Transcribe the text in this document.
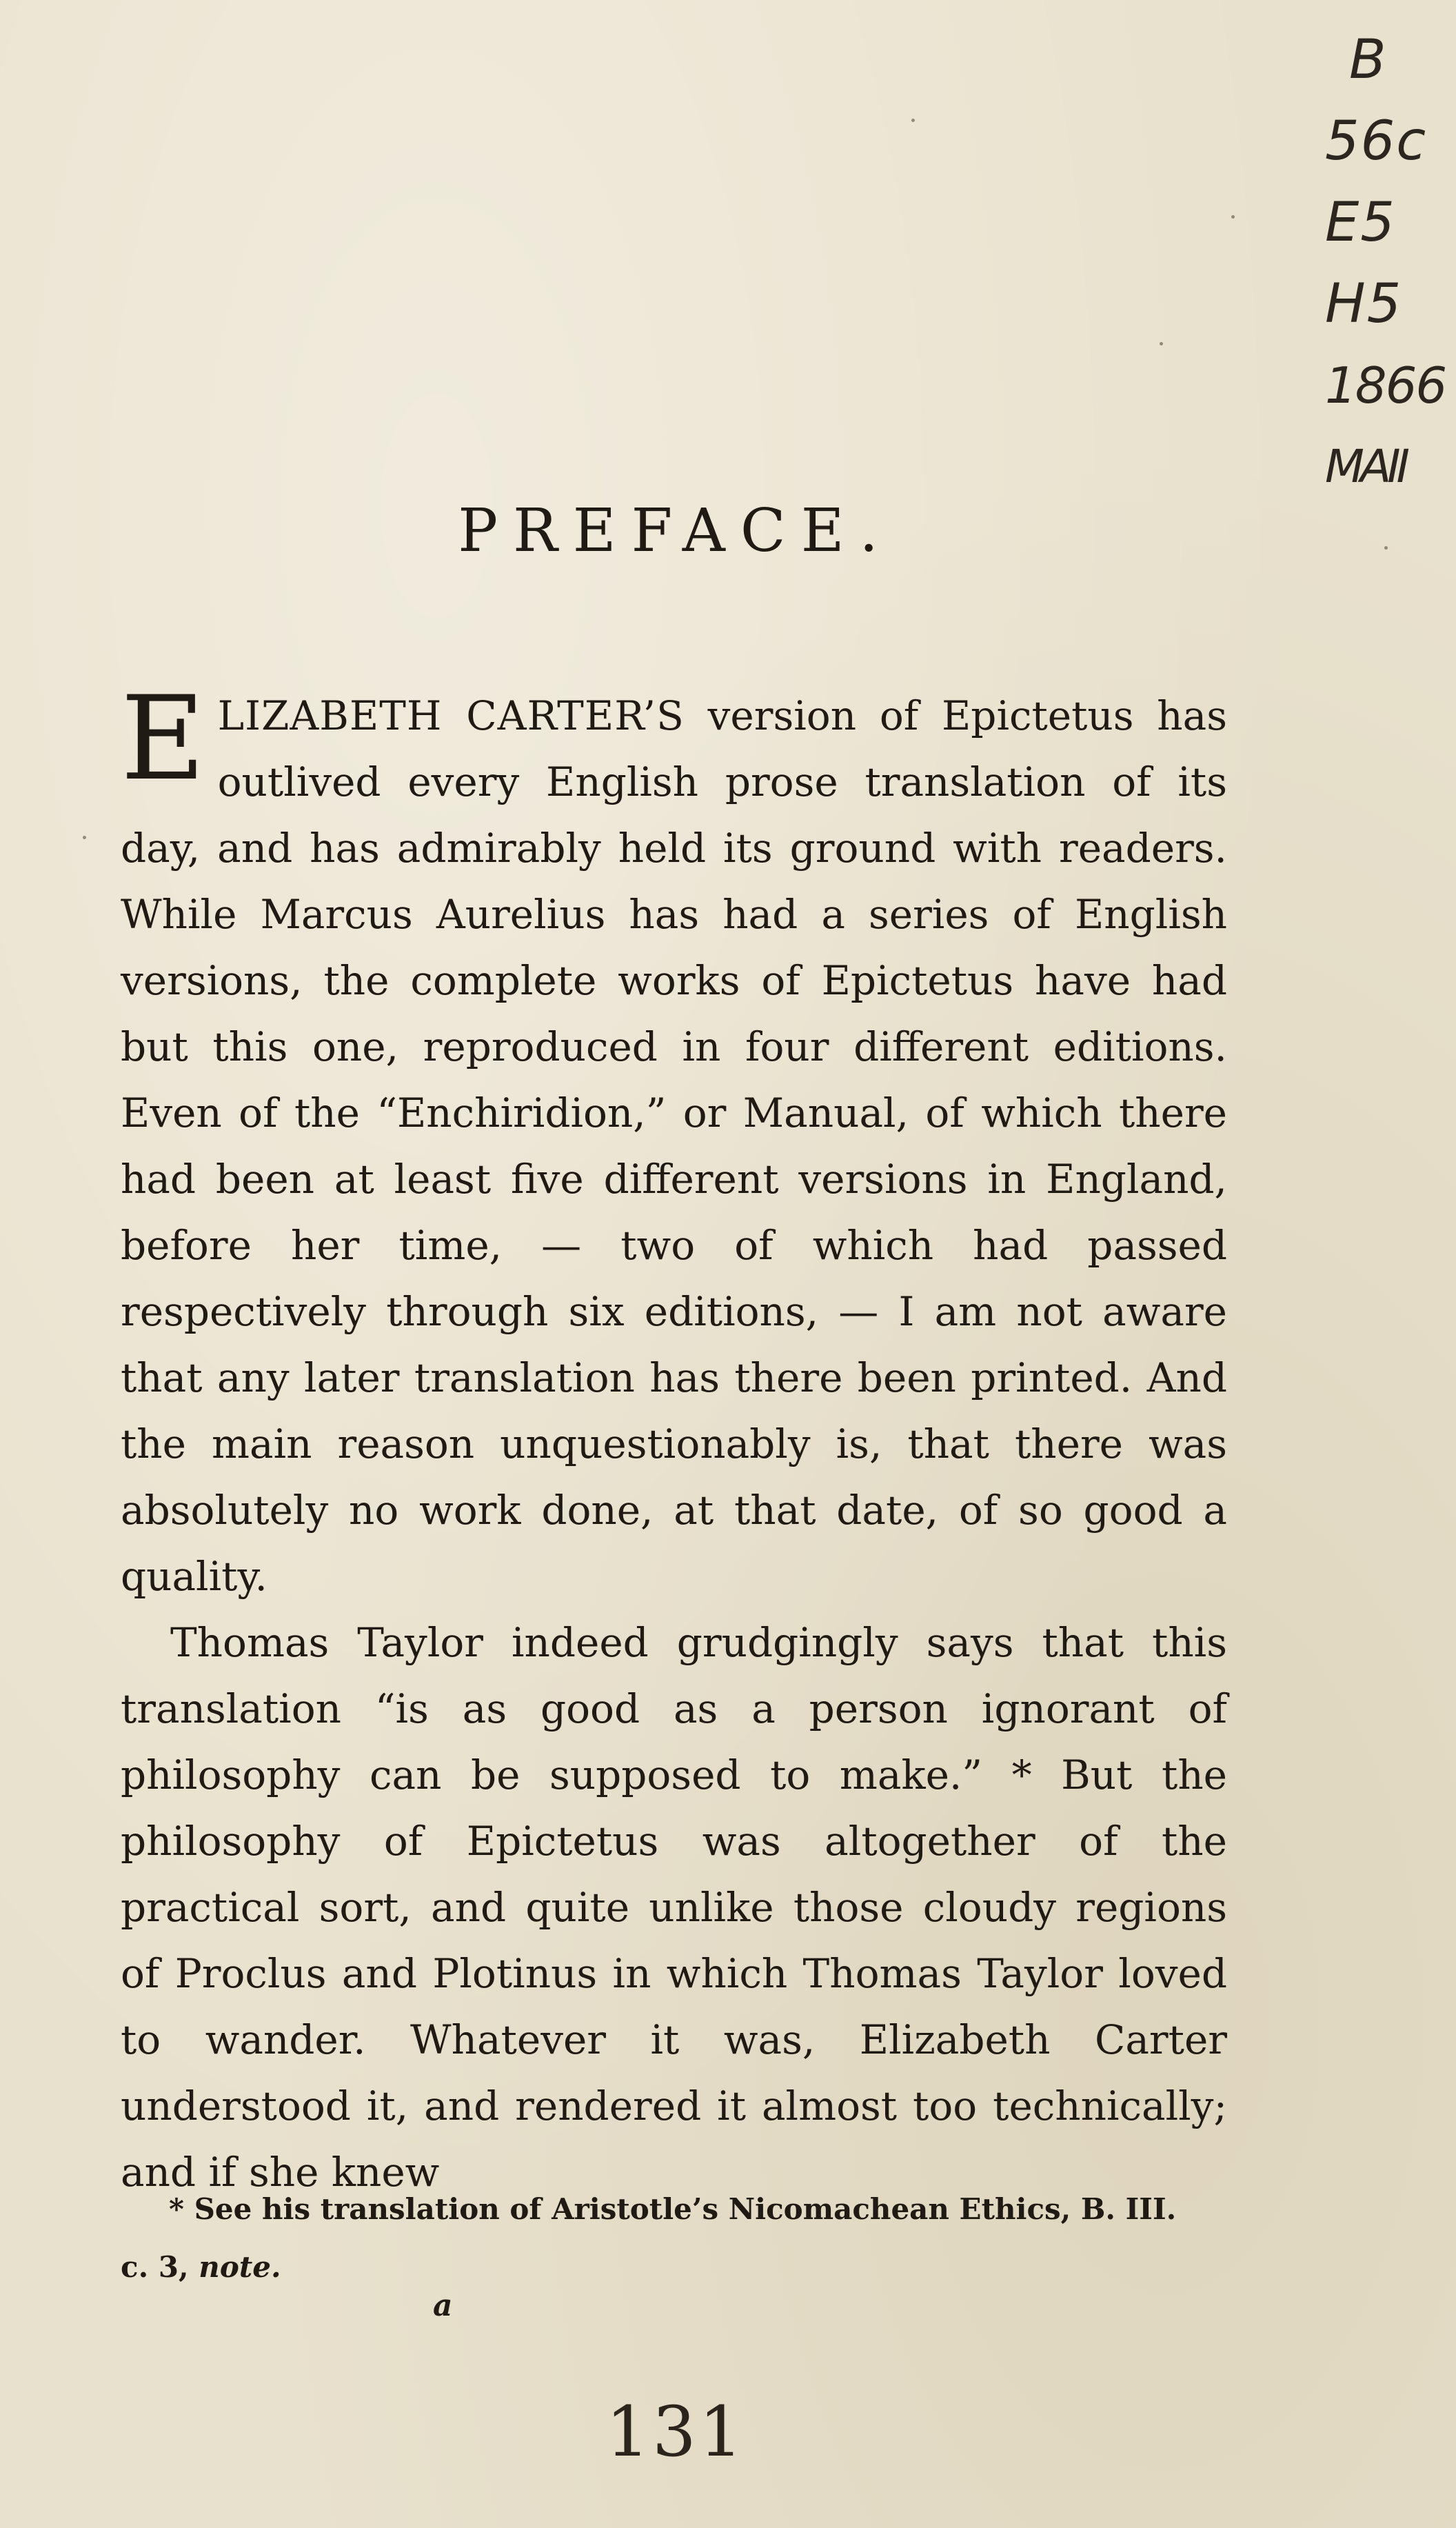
B
56c
E5
H5
1866
MAII
PREFACE.

ELIZABETH CARTER’S version of Epictetus has outlived every English prose translation of its day, and has admirably held its ground with readers. While Marcus Aurelius has had a series of English versions, the complete works of Epictetus have had but this one, reproduced in four different editions. Even of the “Enchiridion,” or Manual, of which there had been at least five different versions in England, before her time, — two of which had passed respectively through six editions, — I am not aware that any later translation has there been printed. And the main reason unquestionably is, that there was absolutely no work done, at that date, of so good a quality.

Thomas Taylor indeed grudgingly says that this translation “is as good as a person ignorant of philosophy can be supposed to make.” * But the philosophy of Epictetus was altogether of the practical sort, and quite unlike those cloudy regions of Proclus and Plotinus in which Thomas Taylor loved to wander. Whatever it was, Elizabeth Carter understood it, and rendered it almost too technically; and if she knew

* See his translation of Aristotle’s Nicomachean Ethics, B. III.
c. 3, note.
a
131
